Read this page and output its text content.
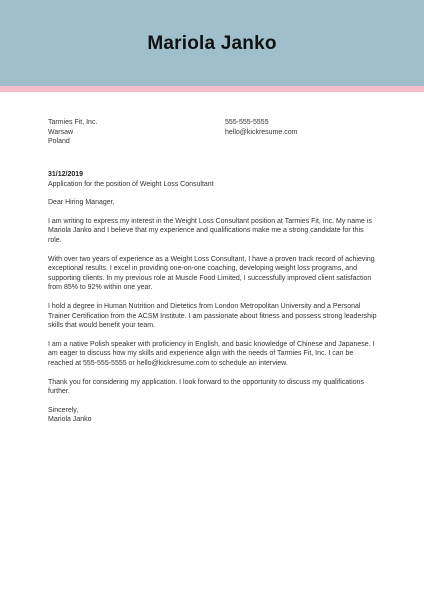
Mariola Janko
Tarmies Fit, Inc.
Warsaw
Poland
555-555-5555
hello@kickresume.com
31/12/2019
Application for the position of Weight Loss Consultant
Dear Hiring Manager,

I am writing to express my interest in the Weight Loss Consultant position at Tarmies Fit, Inc. My name is Mariola Janko and I believe that my experience and qualifications make me a strong candidate for this role.

With over two years of experience as a Weight Loss Consultant, I have a proven track record of achieving exceptional results. I excel in providing one-on-one coaching, developing weight loss programs, and supporting clients. In my previous role at Muscle Food Limited, I successfully improved client satisfaction from 85% to 92% within one year.

I hold a degree in Human Nutrition and Dietetics from London Metropolitan University and a Personal Trainer Certification from the ACSM Institute. I am passionate about fitness and possess strong leadership skills that would benefit your team.

I am a native Polish speaker with proficiency in English, and basic knowledge of Chinese and Japanese. I am eager to discuss how my skills and experience align with the needs of Tarmies Fit, Inc. I can be reached at 555-555-5555 or hello@kickresume.com to schedule an interview.

Thank you for considering my application. I look forward to the opportunity to discuss my qualifications further.

Sincerely,
Mariola Janko
